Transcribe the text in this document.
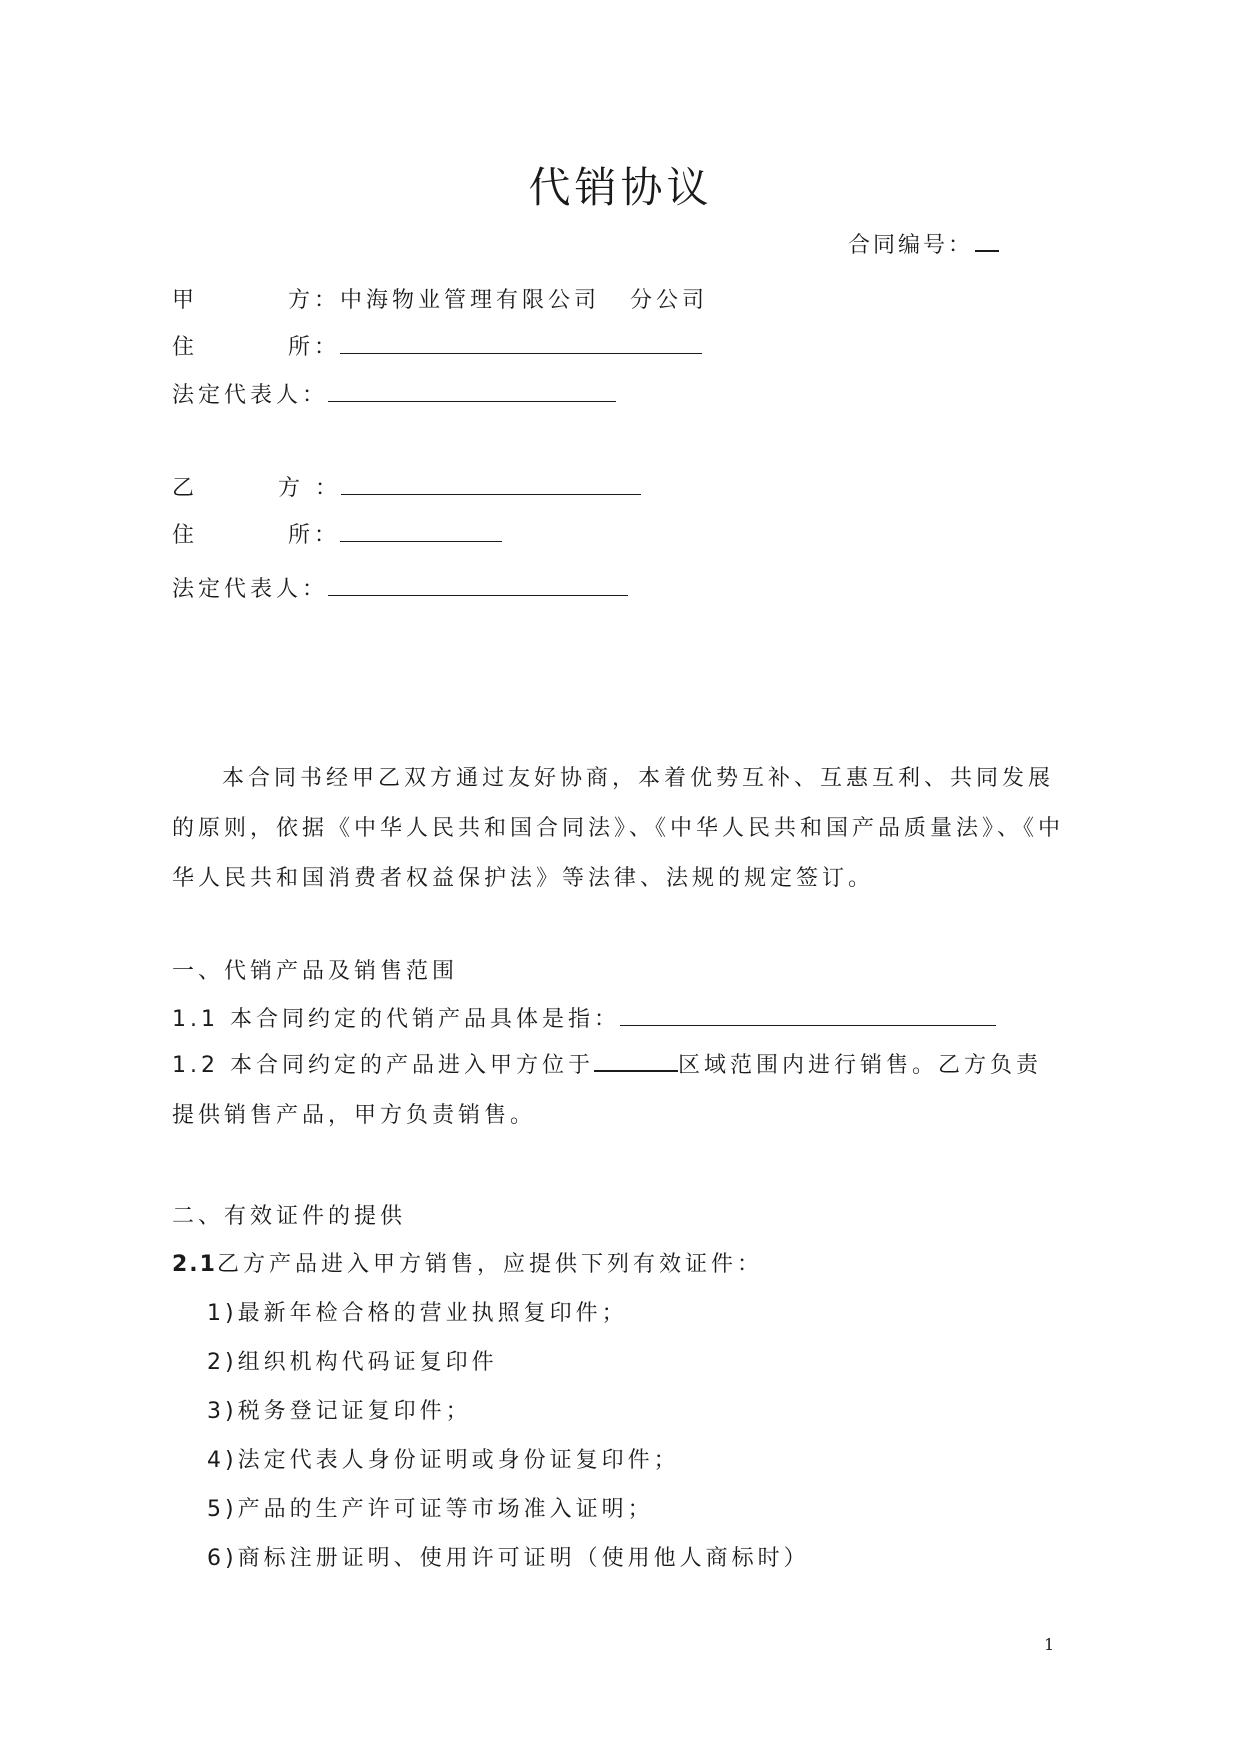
代销协议
合同编号：
甲	方：中海物业管理有限公司 分公司
住	所：
法定代表人：
乙	方 ：
住	所：
法定代表人：
本合同书经甲乙双方通过友好协商，本着优势互补、互惠互利、共同发展的原则，依据《中华人民共和国合同法》、《中华人民共和国产品质量法》、《中华人民共和国消费者权益保护法》等法律、法规的规定签订。
一、代销产品及销售范围
1.1 本合同约定的代销产品具体是指：
1.2 本合同约定的产品进入甲方位于	区域范围内进行销售。乙方负责提供销售产品，甲方负责销售。
二、有效证件的提供
2.1乙方产品进入甲方销售，应提供下列有效证件：
1)最新年检合格的营业执照复印件；
2)组织机构代码证复印件
3)税务登记证复印件；
4)法定代表人身份证明或身份证复印件；
5)产品的生产许可证等市场准入证明；
6)商标注册证明、使用许可证明（使用他人商标时）
1
